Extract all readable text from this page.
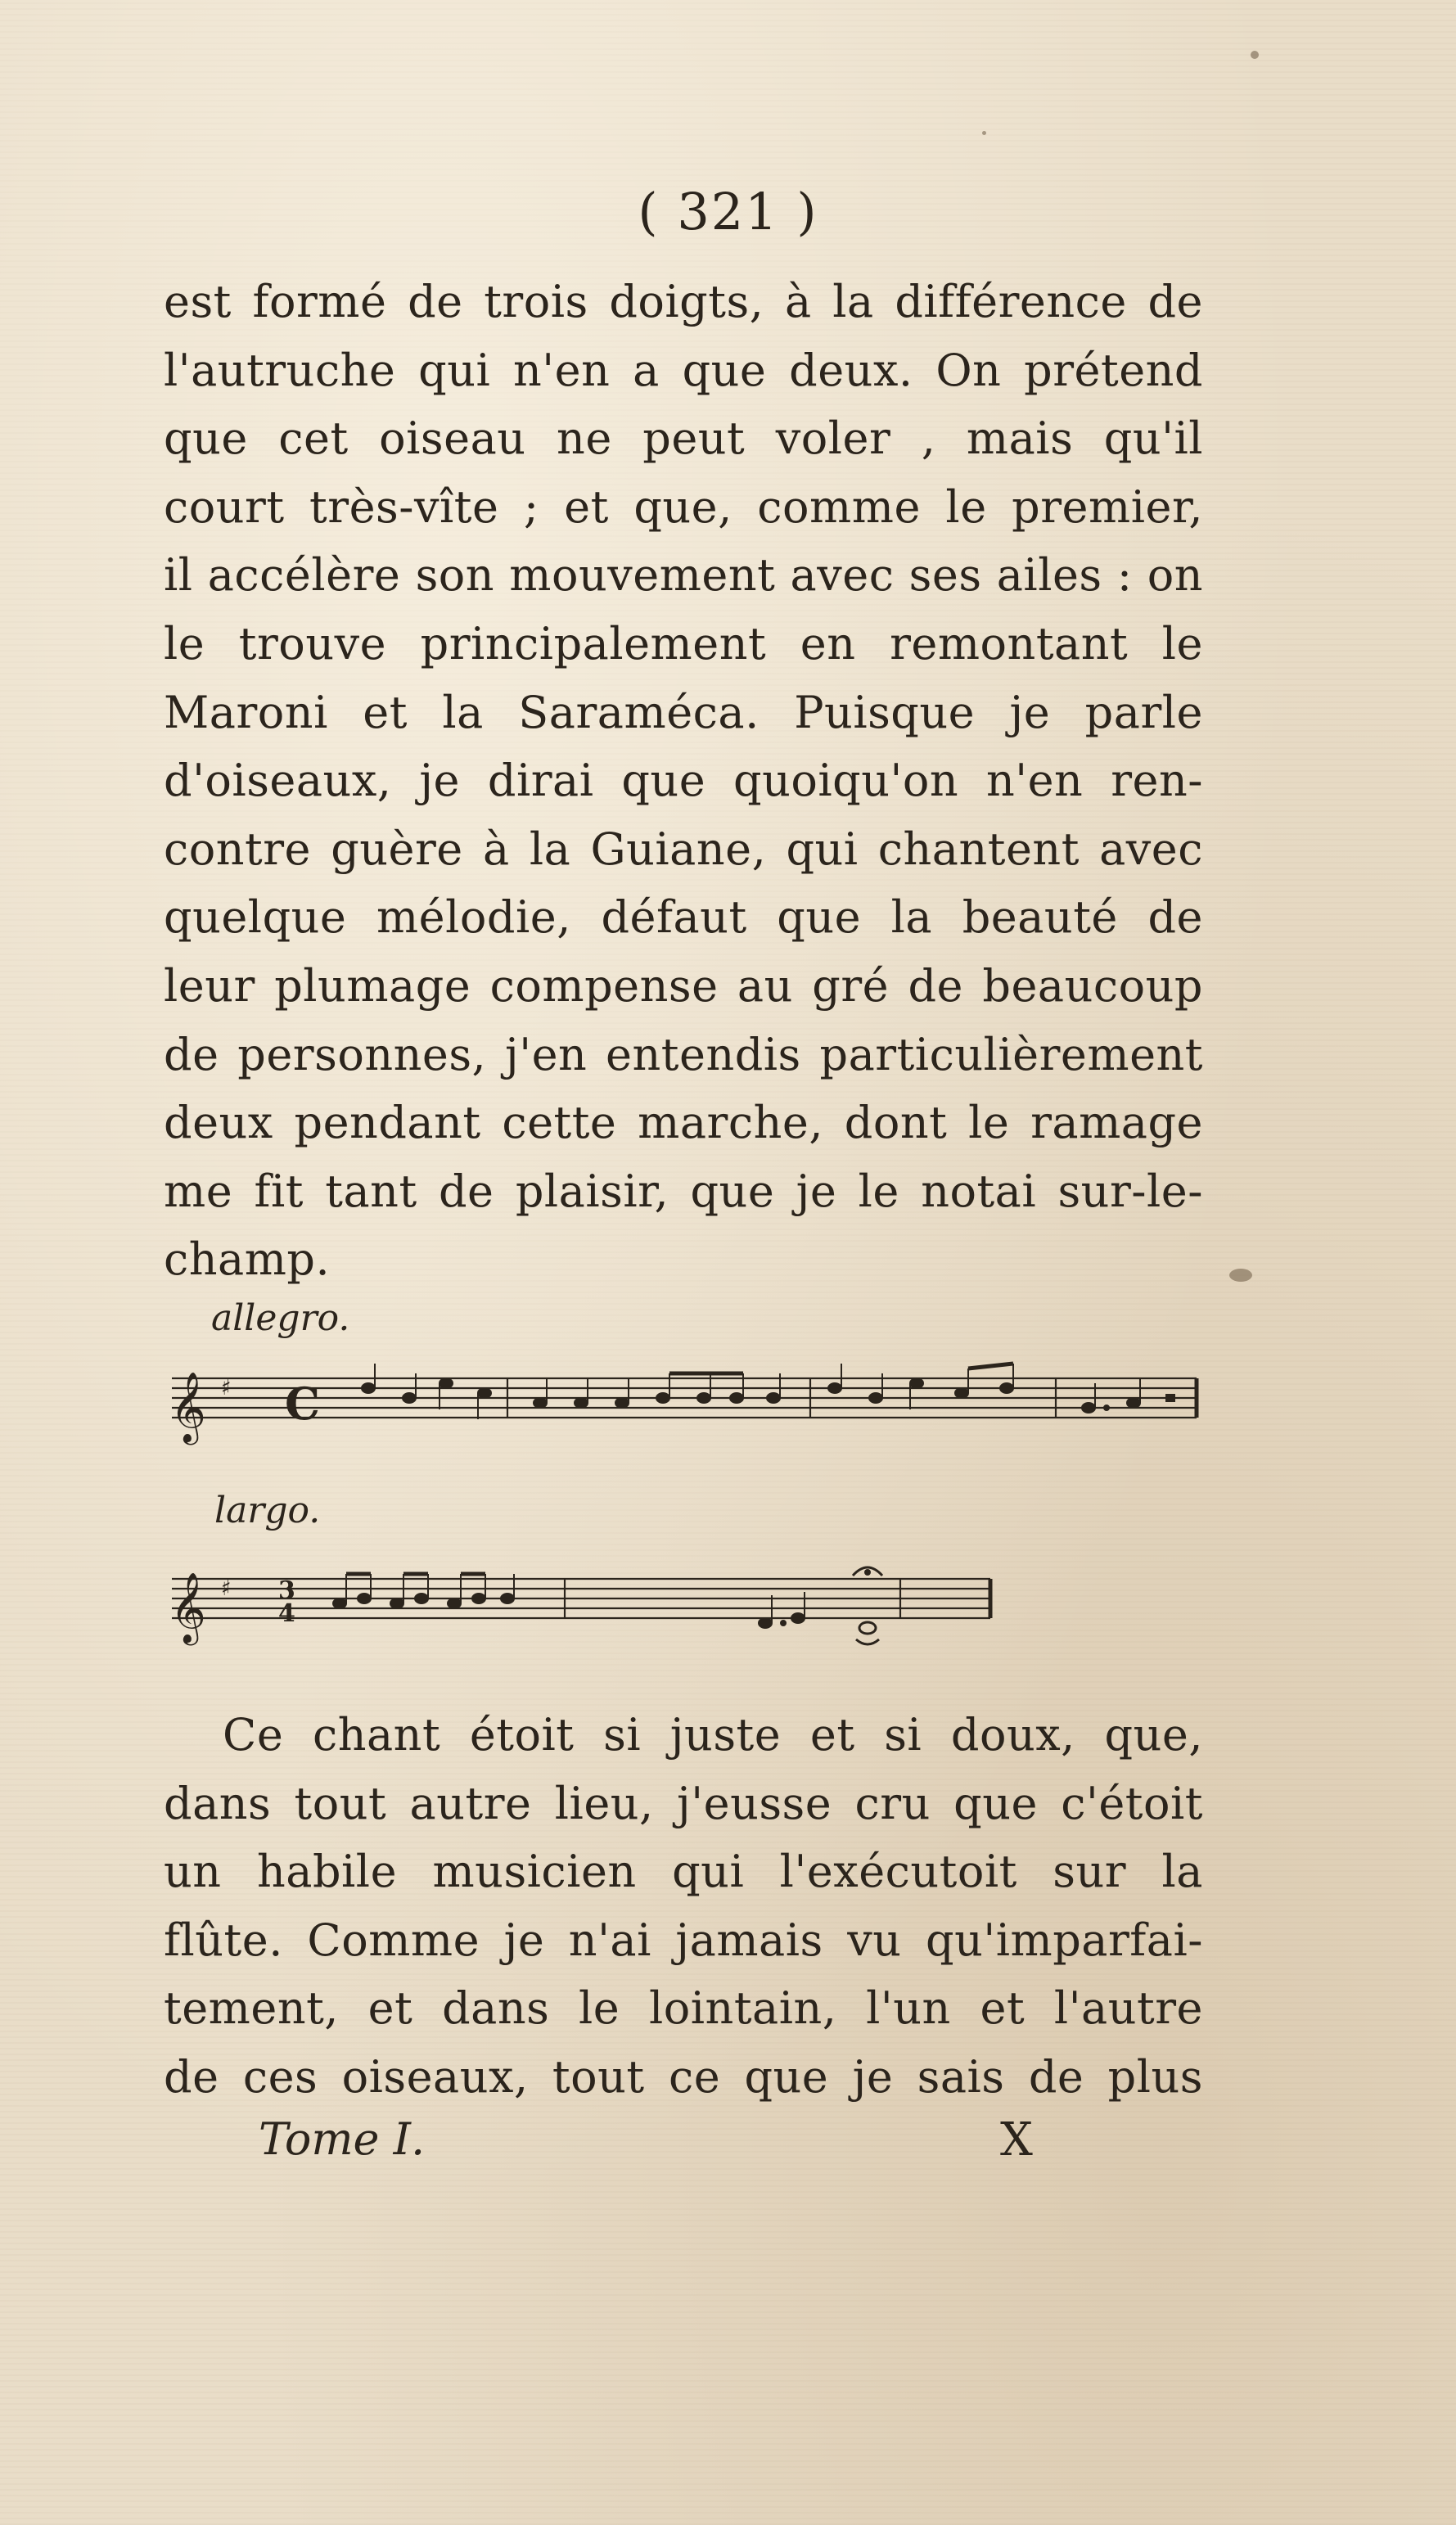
( 321 )
est formé de trois doigts, à la différence de
l'autruche qui n'en a que deux. On prétend
que cet oiseau ne peut voler , mais qu'il
court très-vîte ; et que, comme le premier,
il accélère son mouvement avec ses ailes : on
le trouve principalement en remontant le
Maroni et la Saraméca. Puisque je parle
d'oiseaux, je dirai que quoiqu'on n'en ren-
contre guère à la Guiane, qui chantent avec
quelque mélodie, défaut que la beauté de
leur plumage compense au gré de beaucoup
de personnes, j'en entendis particulièrement
deux pendant cette marche, dont le ramage
me fit tant de plaisir, que je le notai sur-le-
champ.
allegro.
𝄞 ♯ C
largo.
𝄞 ♯ 3
4
Ce chant étoit si juste et si doux, que,
dans tout autre lieu, j'eusse cru que c'étoit
un habile musicien qui l'exécutoit sur la
flûte. Comme je n'ai jamais vu qu'imparfai-
tement, et dans le lointain, l'un et l'autre
de ces oiseaux, tout ce que je sais de plus
Tome I.	X
